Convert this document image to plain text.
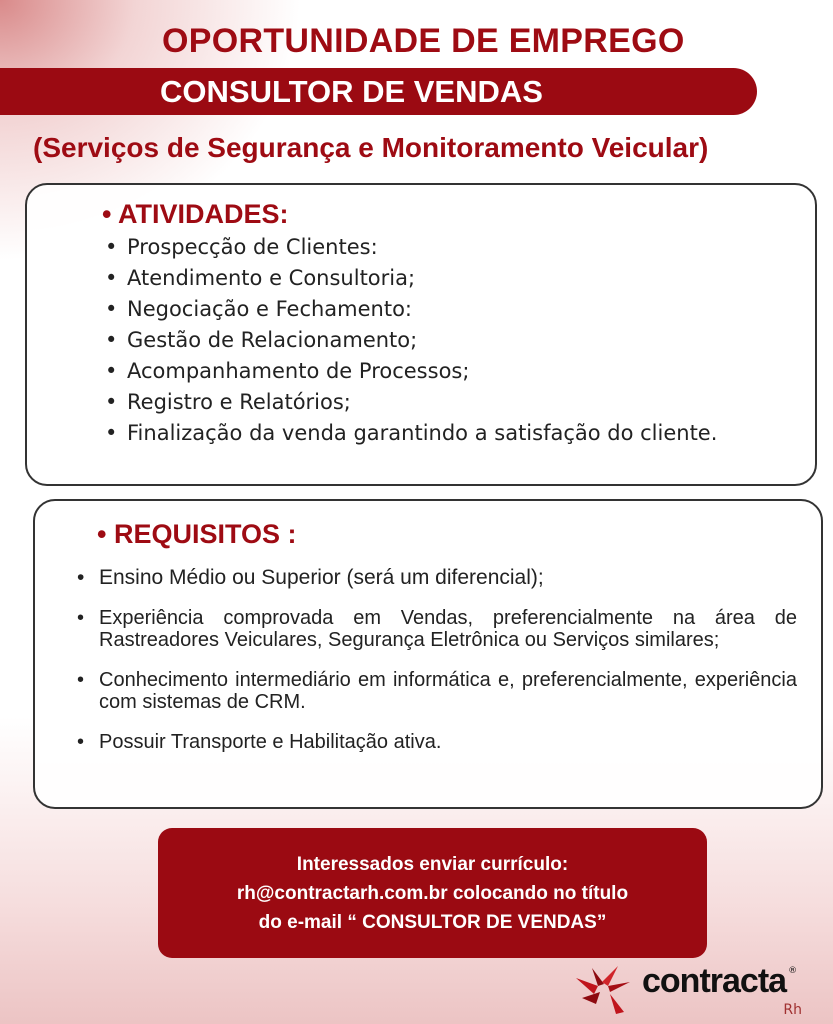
OPORTUNIDADE DE EMPREGO
CONSULTOR DE VENDAS
(Serviços de Segurança e Monitoramento Veicular)
• ATIVIDADES:
• Prospecção de Clientes:
• Atendimento e Consultoria;
• Negociação e Fechamento:
• Gestão de Relacionamento;
• Acompanhamento de Processos;
• Registro e Relatórios;
• Finalização da venda garantindo a satisfação do cliente.
• REQUISITOS :
• Ensino Médio ou Superior (será um diferencial);
• Experiência comprovada em Vendas, preferencialmente na área de Rastreadores Veiculares, Segurança Eletrônica ou Serviços similares;
• Conhecimento intermediário em informática e, preferencialmente, experiência com sistemas de CRM.
• Possuir Transporte e Habilitação ativa.
Interessados enviar currículo:
rh@contractarh.com.br colocando no título
do e-mail “ CONSULTOR DE VENDAS”
contracta ®
Rh
